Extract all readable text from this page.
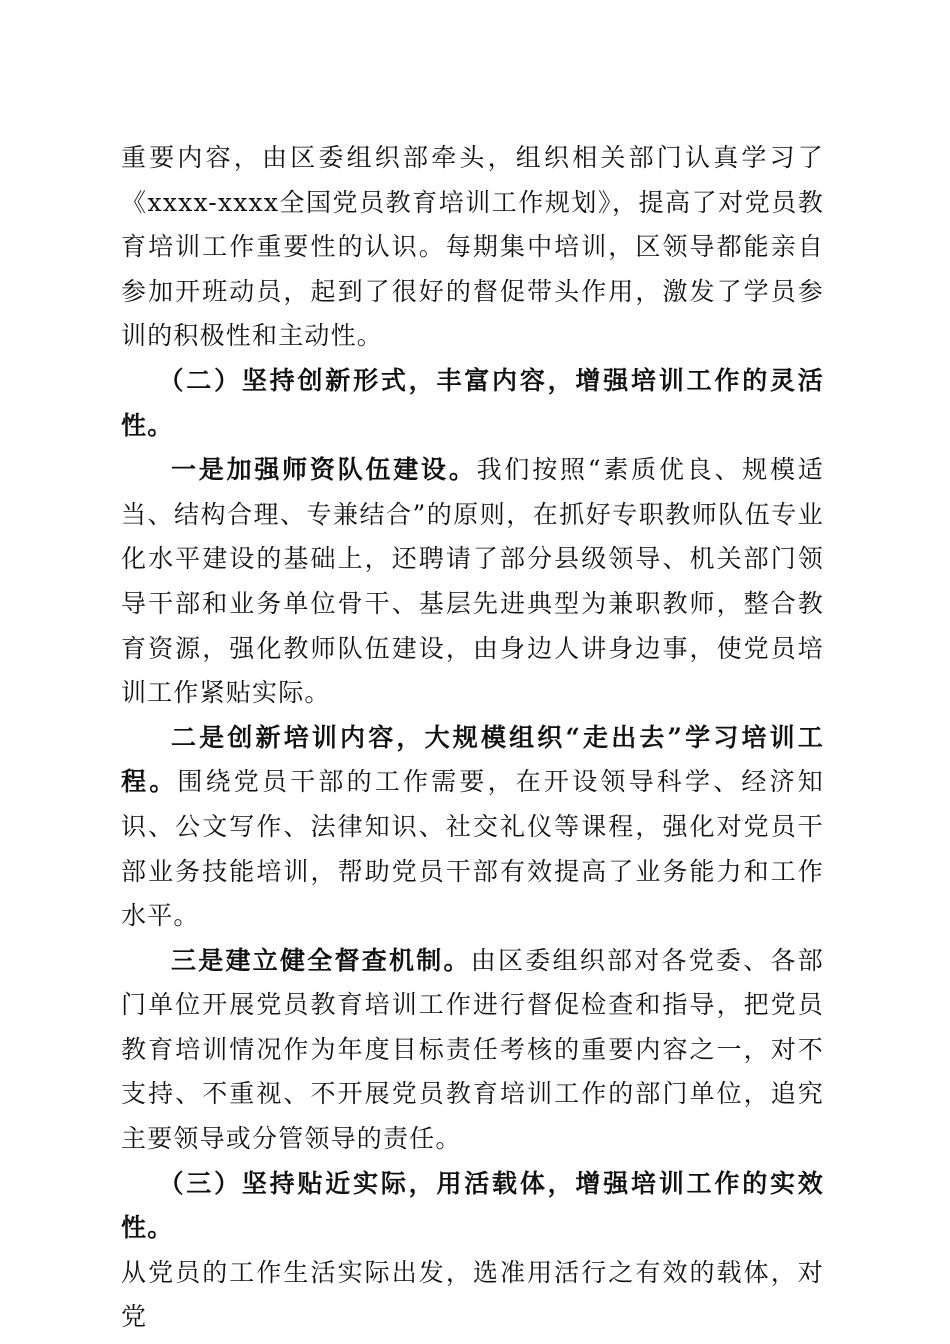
重要内容，由区委组织部牵头，组织相关部门认真学习了《xxxx-xxxx全国党员教育培训工作规划》，提高了对党员教育培训工作重要性的认识。每期集中培训，区领导都能亲自参加开班动员，起到了很好的督促带头作用，激发了学员参训的积极性和主动性。

（二）坚持创新形式，丰富内容，增强培训工作的灵活性。

一是加强师资队伍建设。我们按照“素质优良、规模适当、结构合理、专兼结合”的原则，在抓好专职教师队伍专业化水平建设的基础上，还聘请了部分县级领导、机关部门领导干部和业务单位骨干、基层先进典型为兼职教师，整合教育资源，强化教师队伍建设，由身边人讲身边事，使党员培训工作紧贴实际。

二是创新培训内容，大规模组织“走出去”学习培训工程。围绕党员干部的工作需要，在开设领导科学、经济知识、公文写作、法律知识、社交礼仪等课程，强化对党员干部业务技能培训，帮助党员干部有效提高了业务能力和工作水平。

三是建立健全督查机制。由区委组织部对各党委、各部门单位开展党员教育培训工作进行督促检查和指导，把党员教育培训情况作为年度目标责任考核的重要内容之一，对不支持、不重视、不开展党员教育培训工作的部门单位，追究主要领导或分管领导的责任。

（三）坚持贴近实际，用活载体，增强培训工作的实效性。

从党员的工作生活实际出发，选准用活行之有效的载体，对党
